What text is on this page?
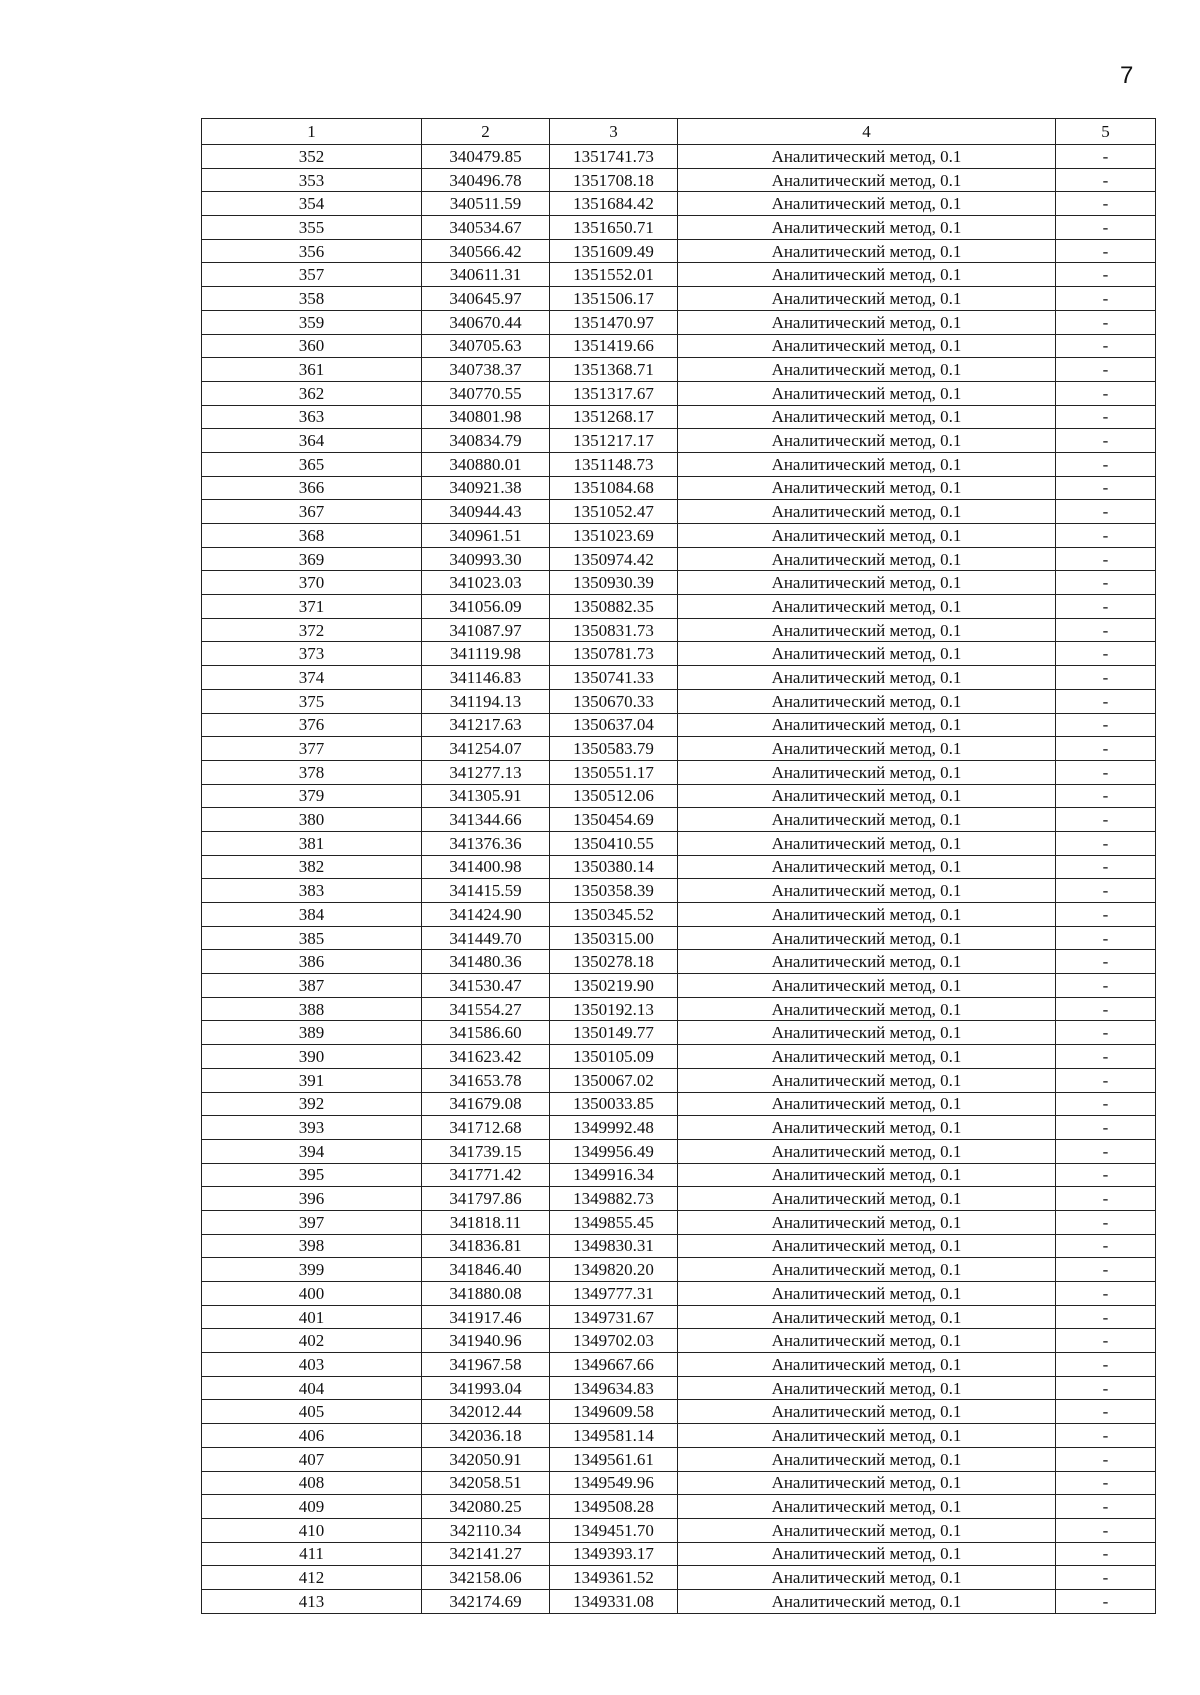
7
1	2	3	4	5
352	340479.85	1351741.73	Аналитический метод, 0.1	-
353	340496.78	1351708.18	Аналитический метод, 0.1	-
354	340511.59	1351684.42	Аналитический метод, 0.1	-
355	340534.67	1351650.71	Аналитический метод, 0.1	-
356	340566.42	1351609.49	Аналитический метод, 0.1	-
357	340611.31	1351552.01	Аналитический метод, 0.1	-
358	340645.97	1351506.17	Аналитический метод, 0.1	-
359	340670.44	1351470.97	Аналитический метод, 0.1	-
360	340705.63	1351419.66	Аналитический метод, 0.1	-
361	340738.37	1351368.71	Аналитический метод, 0.1	-
362	340770.55	1351317.67	Аналитический метод, 0.1	-
363	340801.98	1351268.17	Аналитический метод, 0.1	-
364	340834.79	1351217.17	Аналитический метод, 0.1	-
365	340880.01	1351148.73	Аналитический метод, 0.1	-
366	340921.38	1351084.68	Аналитический метод, 0.1	-
367	340944.43	1351052.47	Аналитический метод, 0.1	-
368	340961.51	1351023.69	Аналитический метод, 0.1	-
369	340993.30	1350974.42	Аналитический метод, 0.1	-
370	341023.03	1350930.39	Аналитический метод, 0.1	-
371	341056.09	1350882.35	Аналитический метод, 0.1	-
372	341087.97	1350831.73	Аналитический метод, 0.1	-
373	341119.98	1350781.73	Аналитический метод, 0.1	-
374	341146.83	1350741.33	Аналитический метод, 0.1	-
375	341194.13	1350670.33	Аналитический метод, 0.1	-
376	341217.63	1350637.04	Аналитический метод, 0.1	-
377	341254.07	1350583.79	Аналитический метод, 0.1	-
378	341277.13	1350551.17	Аналитический метод, 0.1	-
379	341305.91	1350512.06	Аналитический метод, 0.1	-
380	341344.66	1350454.69	Аналитический метод, 0.1	-
381	341376.36	1350410.55	Аналитический метод, 0.1	-
382	341400.98	1350380.14	Аналитический метод, 0.1	-
383	341415.59	1350358.39	Аналитический метод, 0.1	-
384	341424.90	1350345.52	Аналитический метод, 0.1	-
385	341449.70	1350315.00	Аналитический метод, 0.1	-
386	341480.36	1350278.18	Аналитический метод, 0.1	-
387	341530.47	1350219.90	Аналитический метод, 0.1	-
388	341554.27	1350192.13	Аналитический метод, 0.1	-
389	341586.60	1350149.77	Аналитический метод, 0.1	-
390	341623.42	1350105.09	Аналитический метод, 0.1	-
391	341653.78	1350067.02	Аналитический метод, 0.1	-
392	341679.08	1350033.85	Аналитический метод, 0.1	-
393	341712.68	1349992.48	Аналитический метод, 0.1	-
394	341739.15	1349956.49	Аналитический метод, 0.1	-
395	341771.42	1349916.34	Аналитический метод, 0.1	-
396	341797.86	1349882.73	Аналитический метод, 0.1	-
397	341818.11	1349855.45	Аналитический метод, 0.1	-
398	341836.81	1349830.31	Аналитический метод, 0.1	-
399	341846.40	1349820.20	Аналитический метод, 0.1	-
400	341880.08	1349777.31	Аналитический метод, 0.1	-
401	341917.46	1349731.67	Аналитический метод, 0.1	-
402	341940.96	1349702.03	Аналитический метод, 0.1	-
403	341967.58	1349667.66	Аналитический метод, 0.1	-
404	341993.04	1349634.83	Аналитический метод, 0.1	-
405	342012.44	1349609.58	Аналитический метод, 0.1	-
406	342036.18	1349581.14	Аналитический метод, 0.1	-
407	342050.91	1349561.61	Аналитический метод, 0.1	-
408	342058.51	1349549.96	Аналитический метод, 0.1	-
409	342080.25	1349508.28	Аналитический метод, 0.1	-
410	342110.34	1349451.70	Аналитический метод, 0.1	-
411	342141.27	1349393.17	Аналитический метод, 0.1	-
412	342158.06	1349361.52	Аналитический метод, 0.1	-
413	342174.69	1349331.08	Аналитический метод, 0.1	-
